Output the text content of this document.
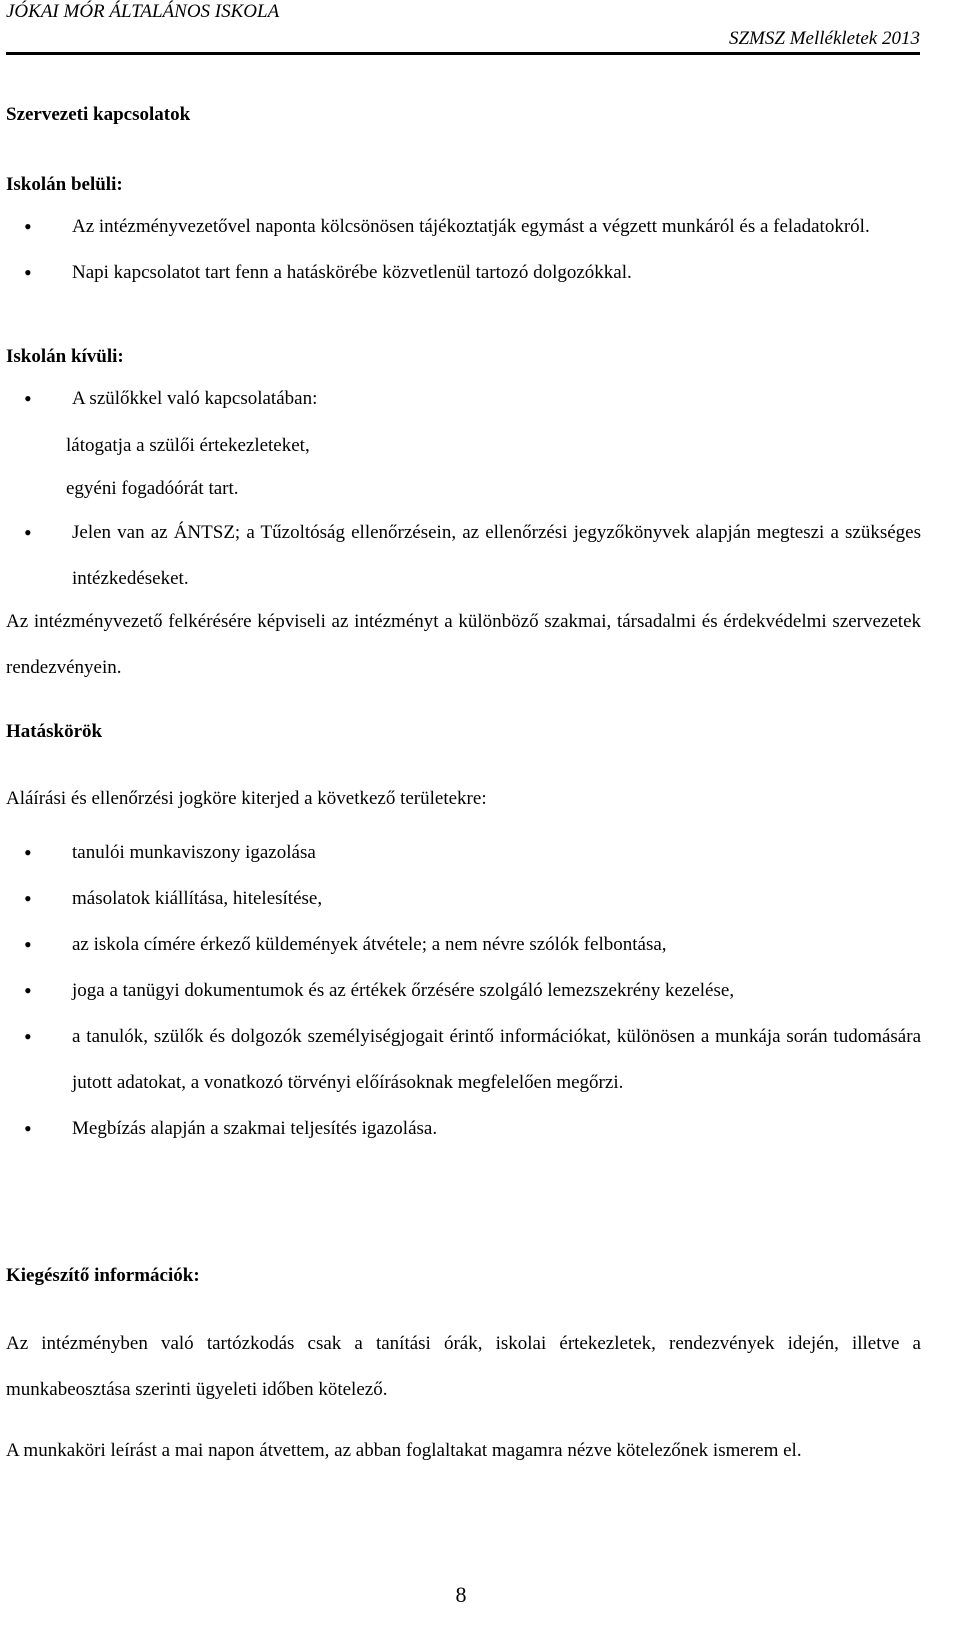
JÓKAI MÓR ÁLTALÁNOS ISKOLA
SZMSZ Mellékletek 2013
Szervezeti kapcsolatok
Iskolán belüli:
• Az intézményvezetővel naponta kölcsönösen tájékoztatják egymást a végzett munkáról és a feladatokról.
• Napi kapcsolatot tart fenn a hatáskörébe közvetlenül tartozó dolgozókkal.
Iskolán kívüli:
• A szülőkkel való kapcsolatában:
látogatja a szülői értekezleteket,
egyéni fogadóórát tart.
• Jelen van az ÁNTSZ; a Tűzoltóság ellenőrzésein, az ellenőrzési jegyzőkönyvek alapján megteszi a szükséges intézkedéseket.
Az intézményvezető felkérésére képviseli az intézményt a különböző szakmai, társadalmi és érdekvédelmi szervezetek rendezvényein.
Hatáskörök
Aláírási és ellenőrzési jogköre kiterjed a következő területekre:
• tanulói munkaviszony igazolása
• másolatok kiállítása, hitelesítése,
• az iskola címére érkező küldemények átvétele; a nem névre szólók felbontása,
• joga a tanügyi dokumentumok és az értékek őrzésére szolgáló lemezszekrény kezelése,
• a tanulók, szülők és dolgozók személyiségjogait érintő információkat, különösen a munkája során tudomására jutott adatokat, a vonatkozó törvényi előírásoknak megfelelően megőrzi.
• Megbízás alapján a szakmai teljesítés igazolása.
Kiegészítő információk:
Az intézményben való tartózkodás csak a tanítási órák, iskolai értekezletek, rendezvények idején, illetve a munkabeosztása szerinti ügyeleti időben kötelező.
A munkaköri leírást a mai napon átvettem, az abban foglaltakat magamra nézve kötelezőnek ismerem el.
8
